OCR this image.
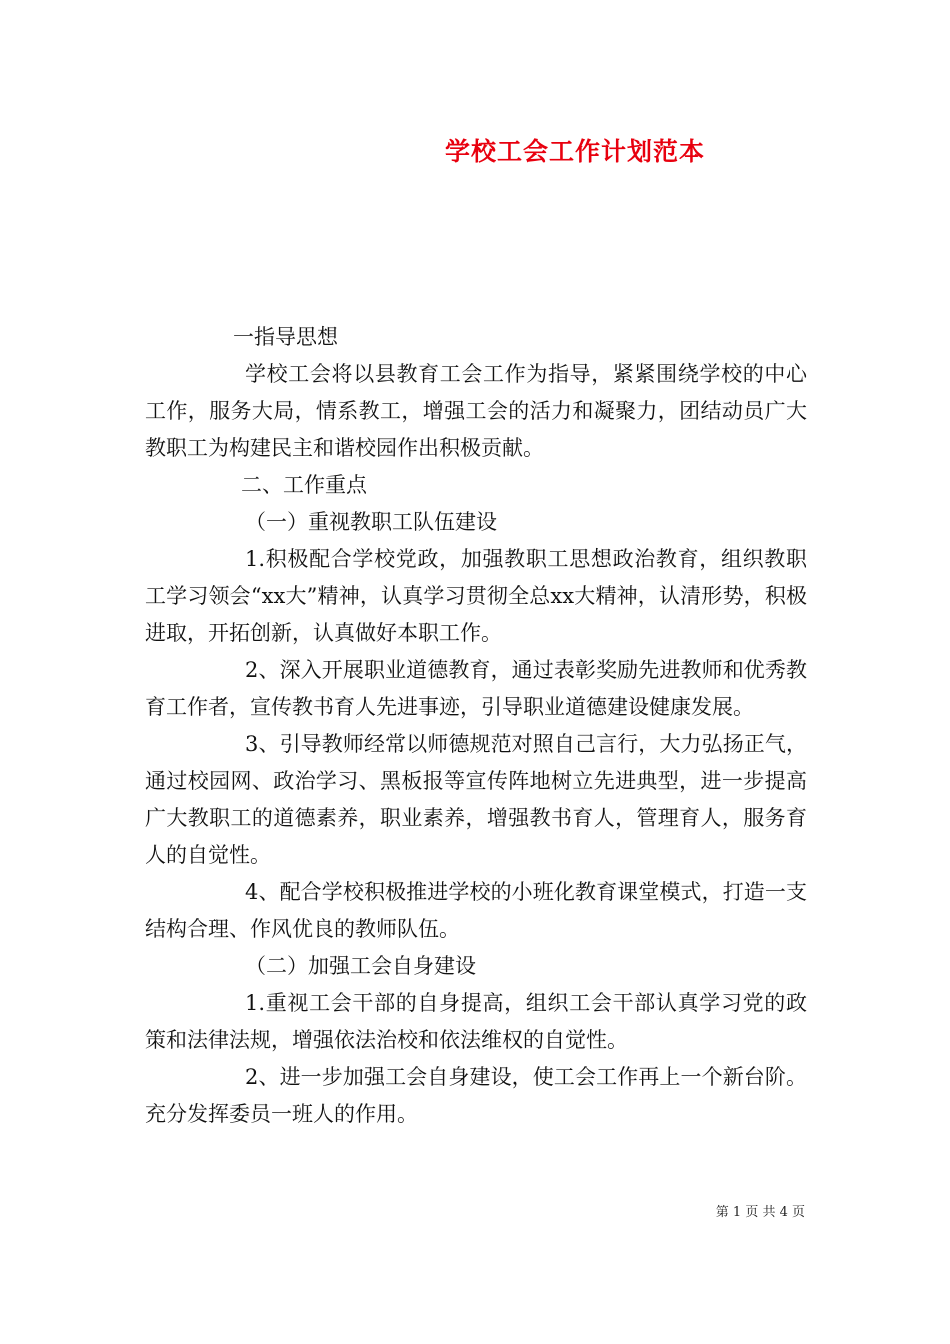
学校工会工作计划范本

一指导思想

学校工会将以县教育工会工作为指导，紧紧围绕学校的中心工作，服务大局，情系教工，增强工会的活力和凝聚力，团结动员广大教职工为构建民主和谐校园作出积极贡献。

二、工作重点

（一）重视教职工队伍建设

1.积极配合学校党政，加强教职工思想政治教育，组织教职工学习领会“xx大”精神，认真学习贯彻全总xx大精神，认清形势，积极进取，开拓创新，认真做好本职工作。

2、深入开展职业道德教育，通过表彰奖励先进教师和优秀教育工作者，宣传教书育人先进事迹，引导职业道德建设健康发展。

3、引导教师经常以师德规范对照自己言行，大力弘扬正气，通过校园网、政治学习、黑板报等宣传阵地树立先进典型，进一步提高广大教职工的道德素养，职业素养，增强教书育人，管理育人，服务育人的自觉性。

4、配合学校积极推进学校的小班化教育课堂模式，打造一支结构合理、作风优良的教师队伍。

（二）加强工会自身建设

1.重视工会干部的自身提高，组织工会干部认真学习党的政策和法律法规，增强依法治校和依法维权的自觉性。

2、进一步加强工会自身建设，使工会工作再上一个新台阶。充分发挥委员一班人的作用。

第 1 页 共 4 页
